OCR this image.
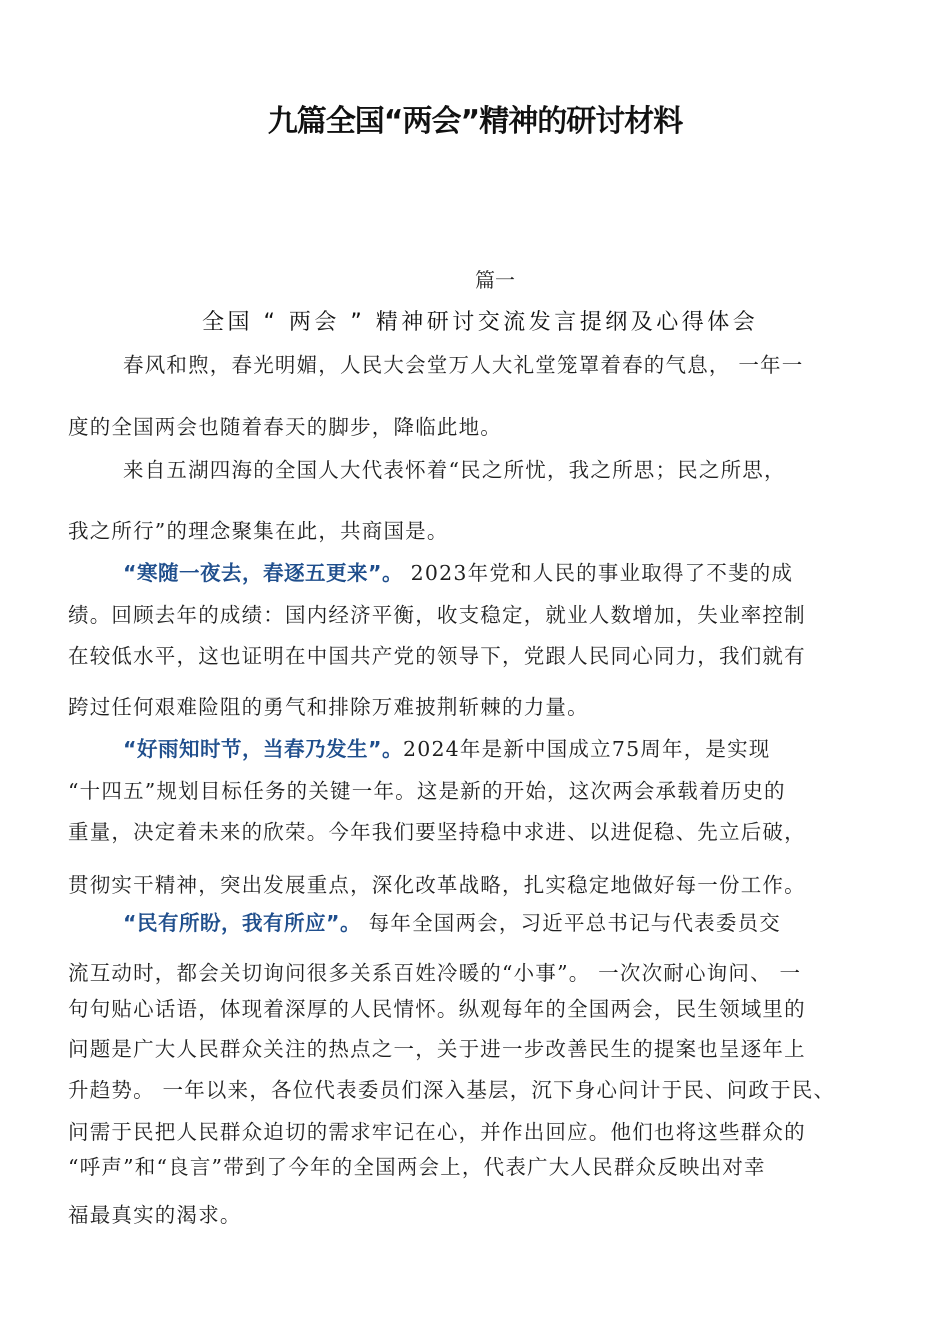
九篇全国“两会”精神的研讨材料
篇一
全国 “ 两会 ” 精神研讨交流发言提纲及心得体会
春风和煦，春光明媚，人民大会堂万人大礼堂笼罩着春的气息， 一年一
度的全国两会也随着春天的脚步，降临此地。
来自五湖四海的全国人大代表怀着“民之所忧，我之所思；民之所思，
我之所行”的理念聚集在此，共商国是。
“寒随一夜去，春逐五更来”。 2023年党和人民的事业取得了不斐的成
绩。回顾去年的成绩：国内经济平衡，收支稳定，就业人数增加，失业率控制
在较低水平，这也证明在中国共产党的领导下，党跟人民同心同力，我们就有
跨过任何艰难险阻的勇气和排除万难披荆斩棘的力量。
“好雨知时节，当春乃发生”。2024年是新中国成立75周年，是实现
“十四五”规划目标任务的关键一年。这是新的开始，这次两会承载着历史的
重量，决定着未来的欣荣。今年我们要坚持稳中求进、以进促稳、先立后破，
贯彻实干精神，突出发展重点，深化改革战略，扎实稳定地做好每一份工作。
“民有所盼，我有所应”。 每年全国两会，习近平总书记与代表委员交
流互动时，都会关切询问很多关系百姓冷暖的“小事”。 一次次耐心询问、 一
句句贴心话语，体现着深厚的人民情怀。纵观每年的全国两会，民生领域里的
问题是广大人民群众关注的热点之一，关于进一步改善民生的提案也呈逐年上
升趋势。 一年以来，各位代表委员们深入基层，沉下身心问计于民、问政于民、
问需于民把人民群众迫切的需求牢记在心，并作出回应。他们也将这些群众的
“呼声”和“良言”带到了今年的全国两会上，代表广大人民群众反映出对幸
福最真实的渴求。
